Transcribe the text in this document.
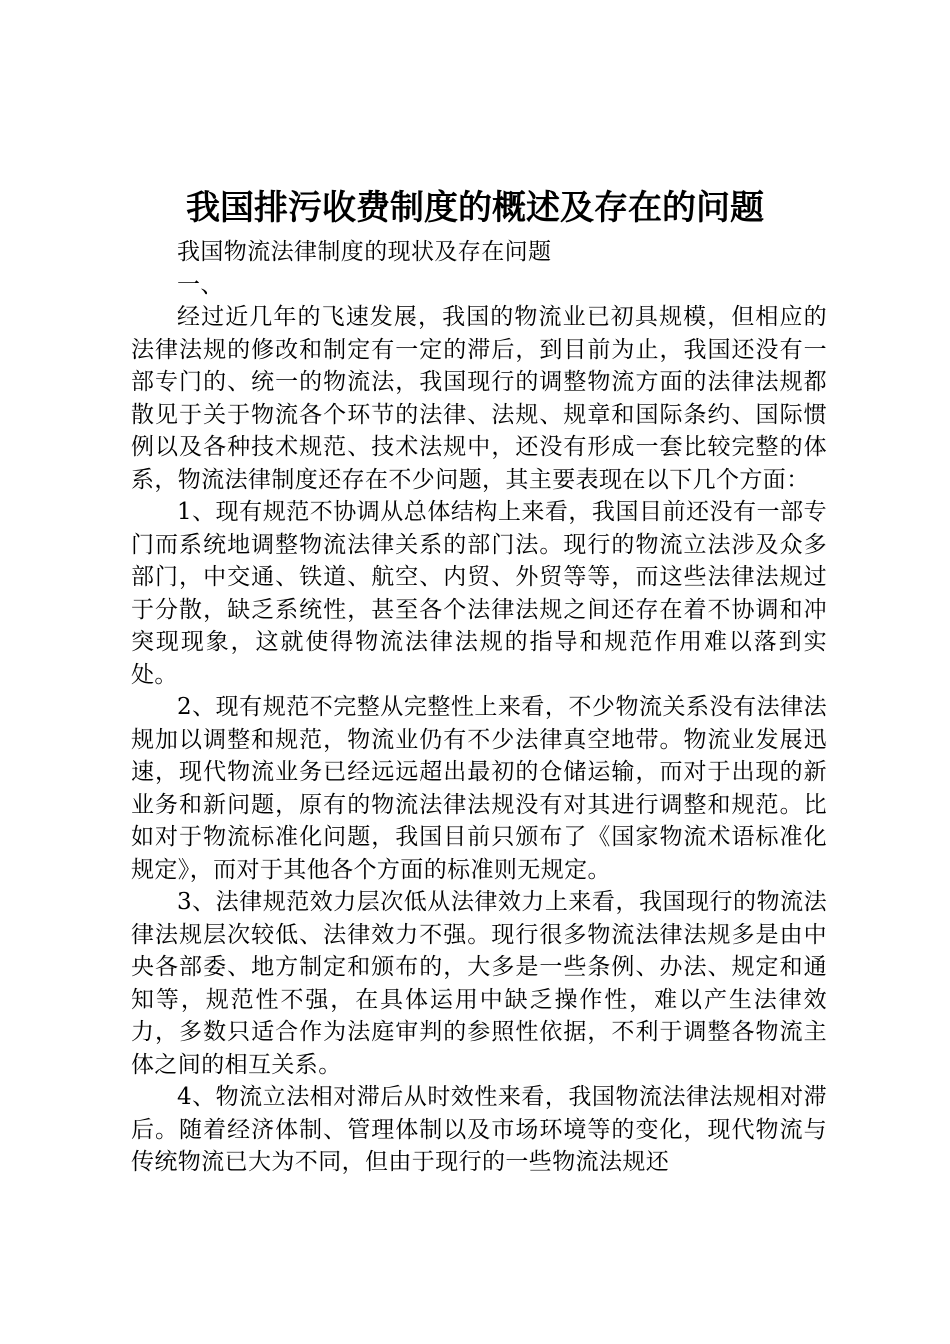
我国排污收费制度的概述及存在的问题

我国物流法律制度的现状及存在问题

一、

经过近几年的飞速发展，我国的物流业已初具规模，但相应的法律法规的修改和制定有一定的滞后，到目前为止，我国还没有一部专门的、统一的物流法，我国现行的调整物流方面的法律法规都散见于关于物流各个环节的法律、法规、规章和国际条约、国际惯例以及各种技术规范、技术法规中，还没有形成一套比较完整的体系，物流法律制度还存在不少问题，其主要表现在以下几个方面：

1、现有规范不协调从总体结构上来看，我国目前还没有一部专门而系统地调整物流法律关系的部门法。现行的物流立法涉及众多部门，中交通、铁道、航空、内贸、外贸等等，而这些法律法规过于分散，缺乏系统性，甚至各个法律法规之间还存在着不协调和冲突现现象，这就使得物流法律法规的指导和规范作用难以落到实处。

2、现有规范不完整从完整性上来看，不少物流关系没有法律法规加以调整和规范，物流业仍有不少法律真空地带。物流业发展迅速，现代物流业务已经远远超出最初的仓储运输，而对于出现的新业务和新问题，原有的物流法律法规没有对其进行调整和规范。比如对于物流标准化问题，我国目前只颁布了《国家物流术语标准化规定》，而对于其他各个方面的标准则无规定。

3、法律规范效力层次低从法律效力上来看，我国现行的物流法律法规层次较低、法律效力不强。现行很多物流法律法规多是由中央各部委、地方制定和颁布的，大多是一些条例、办法、规定和通知等，规范性不强，在具体运用中缺乏操作性，难以产生法律效力，多数只适合作为法庭审判的参照性依据，不利于调整各物流主体之间的相互关系。

4、物流立法相对滞后从时效性来看，我国物流法律法规相对滞后。随着经济体制、管理体制以及市场环境等的变化，现代物流与传统物流已大为不同，但由于现行的一些物流法规还
